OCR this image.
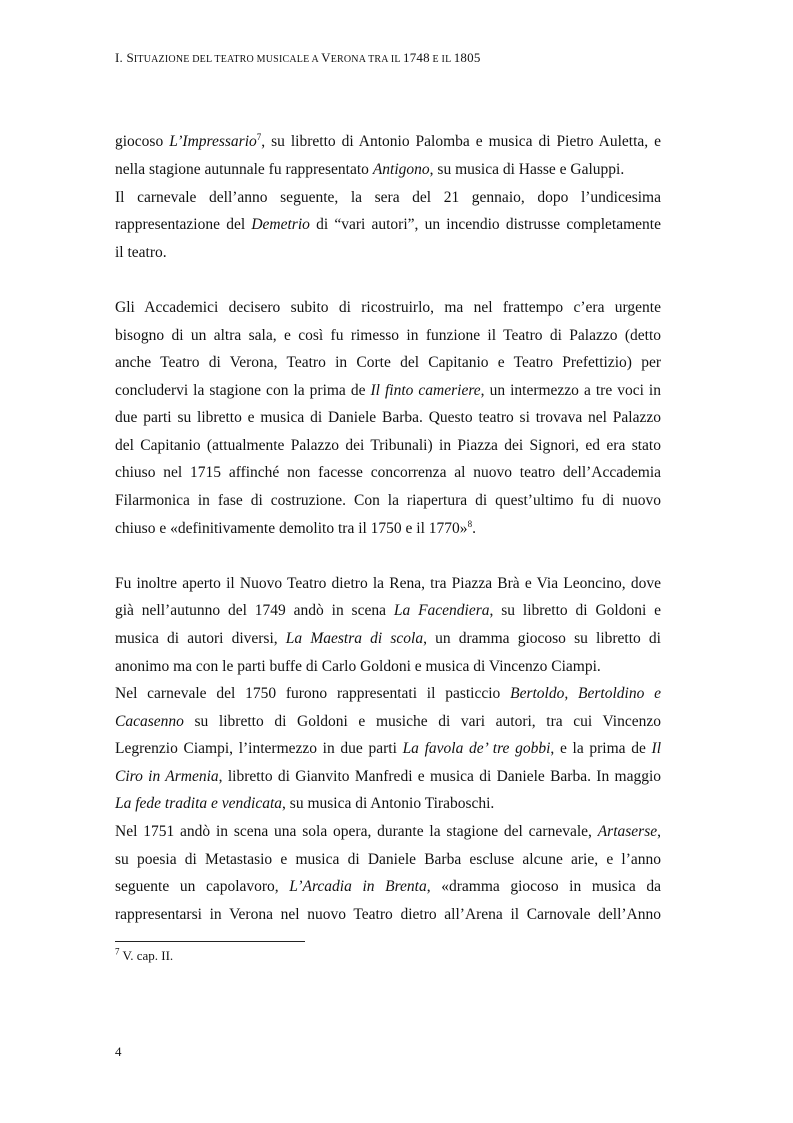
I. SITUAZIONE DEL TEATRO MUSICALE A VERONA TRA IL 1748 E IL 1805
giocoso L’Impressario$^7$, su libretto di Antonio Palomba e musica di Pietro Auletta, e
nella stagione autunnale fu rappresentato Antigono, su musica di Hasse e Galuppi.
Il carnevale dell’anno seguente, la sera del 21 gennaio, dopo l’undicesima
rappresentazione del Demetrio di “vari autori”, un incendio distrusse completamente
il teatro.
Gli Accademici decisero subito di ricostruirlo, ma nel frattempo c’era urgente
bisogno di un altra sala, e così fu rimesso in funzione il Teatro di Palazzo (detto
anche Teatro di Verona, Teatro in Corte del Capitanio e Teatro Prefettizio) per
concludervi la stagione con la prima de Il finto cameriere, un intermezzo a tre voci in
due parti su libretto e musica di Daniele Barba. Questo teatro si trovava nel Palazzo
del Capitanio (attualmente Palazzo dei Tribunali) in Piazza dei Signori, ed era stato
chiuso nel 1715 affinché non facesse concorrenza al nuovo teatro dell’Accademia
Filarmonica in fase di costruzione. Con la riapertura di quest’ultimo fu di nuovo
chiuso e «definitivamente demolito tra il 1750 e il 1770»$^8$.
Fu inoltre aperto il Nuovo Teatro dietro la Rena, tra Piazza Brà e Via Leoncino, dove
già nell’autunno del 1749 andò in scena La Facendiera, su libretto di Goldoni e
musica di autori diversi, La Maestra di scola, un dramma giocoso su libretto di
anonimo ma con le parti buffe di Carlo Goldoni e musica di Vincenzo Ciampi.
Nel carnevale del 1750 furono rappresentati il pasticcio Bertoldo, Bertoldino e
Cacasenno su libretto di Goldoni e musiche di vari autori, tra cui Vincenzo
Legrenzio Ciampi, l’intermezzo in due parti La favola de’ tre gobbi, e la prima de Il
Ciro in Armenia, libretto di Gianvito Manfredi e musica di Daniele Barba. In maggio
La fede tradita e vendicata, su musica di Antonio Tiraboschi.
Nel 1751 andò in scena una sola opera, durante la stagione del carnevale, Artaserse,
su poesia di Metastasio e musica di Daniele Barba escluse alcune arie, e l’anno
seguente un capolavoro, L’Arcadia in Brenta, «dramma giocoso in musica da
rappresentarsi in Verona nel nuovo Teatro dietro all’Arena il Carnovale dell’Anno
$^7$ V. cap. II.
4
